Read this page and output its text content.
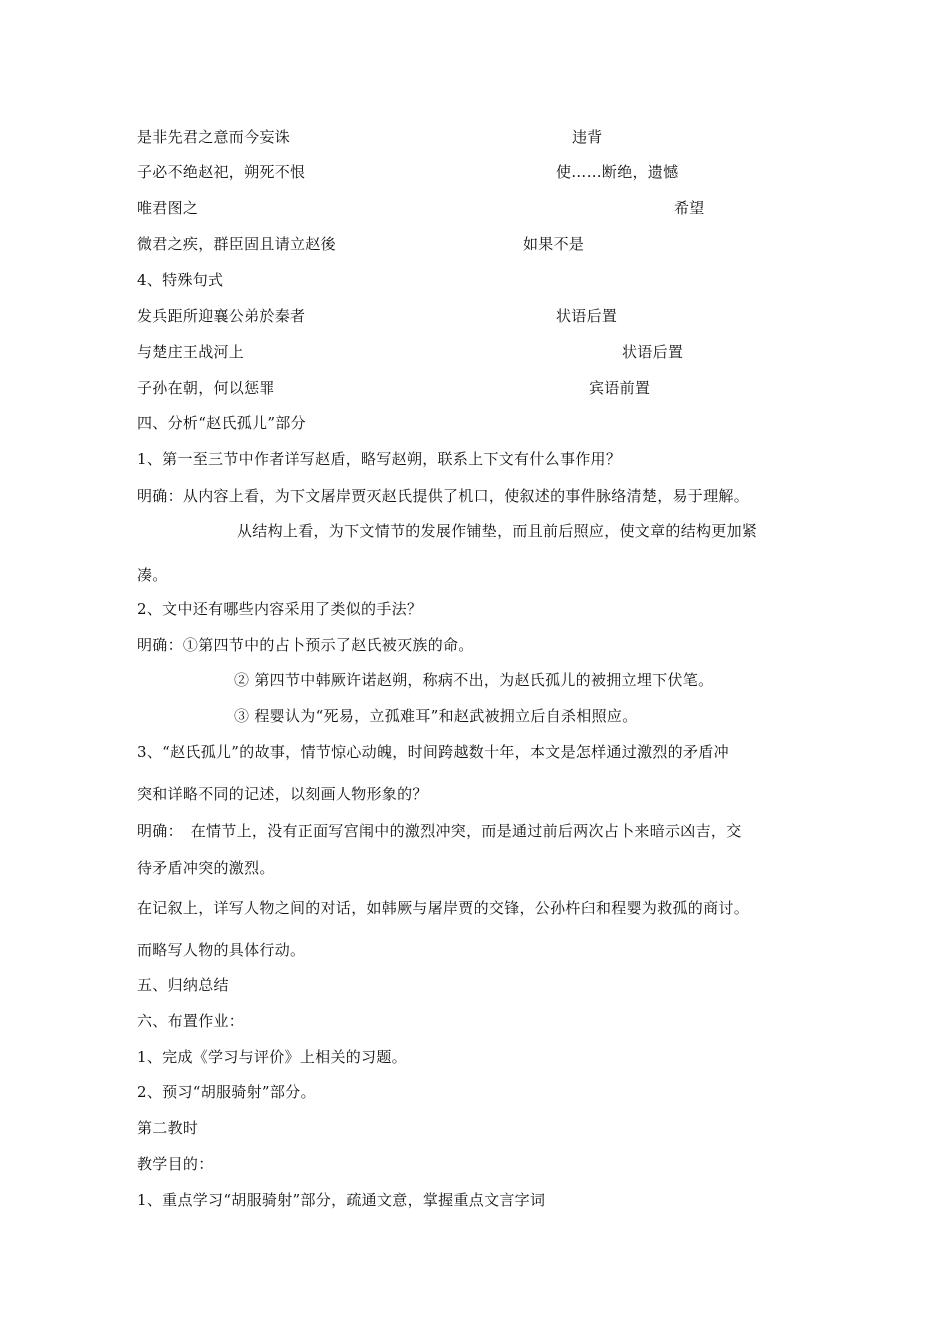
是非先君之意而今妄诛	违背
子必不绝赵祀，朔死不恨	使……断绝，遗憾
唯君图之	希望
微君之疾，群臣固且请立赵後	如果不是
4、特殊句式
发兵距所迎襄公弟於秦者	状语后置
与楚庄王战河上	状语后置
子孙在朝，何以惩罪	宾语前置
四、分析“赵氏孤儿”部分
1、第一至三节中作者详写赵盾，略写赵朔，联系上下文有什么事作用？
明确：从内容上看，为下文屠岸贾灭赵氏提供了机口，使叙述的事件脉络清楚，易于理解。
从结构上看，为下文情节的发展作铺垫，而且前后照应，使文章的结构更加紧
凑。
2、文中还有哪些内容采用了类似的手法？
明确：①第四节中的占卜预示了赵氏被灭族的命。
② 第四节中韩厥许诺赵朔，称病不出，为赵氏孤儿的被拥立埋下伏笔。
③ 程婴认为“死易，立孤难耳”和赵武被拥立后自杀相照应。
3、“赵氏孤儿”的故事，情节惊心动魄，时间跨越数十年，本文是怎样通过激烈的矛盾冲
突和详略不同的记述，以刻画人物形象的？
明确：　在情节上，没有正面写宫闱中的激烈冲突，而是通过前后两次占卜来暗示凶吉，交
待矛盾冲突的激烈。
在记叙上，详写人物之间的对话，如韩厥与屠岸贾的交锋，公孙杵臼和程婴为救孤的商讨。
而略写人物的具体行动。
五、归纳总结
六、布置作业：
1、完成《学习与评价》上相关的习题。
2、预习“胡服骑射”部分。
第二教时
教学目的：
1、重点学习“胡服骑射”部分，疏通文意，掌握重点文言字词
